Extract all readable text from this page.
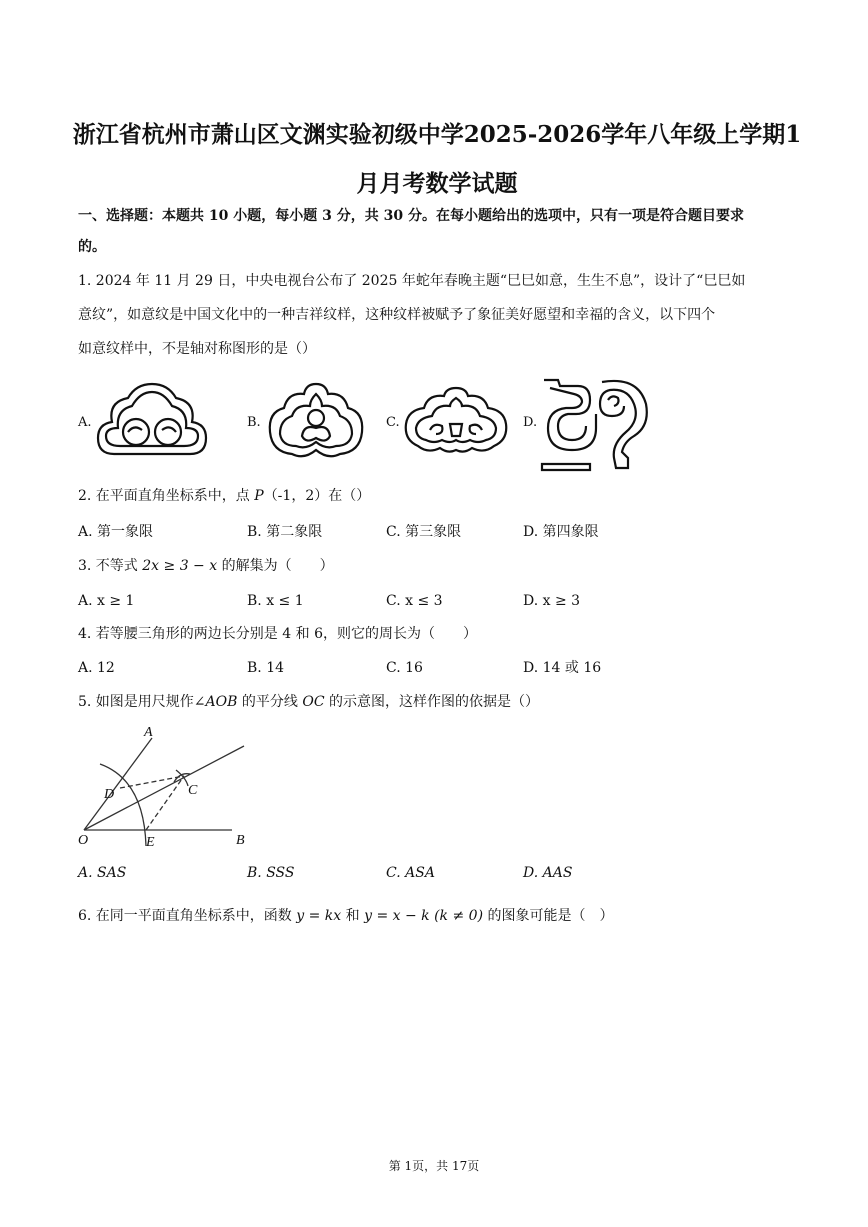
浙江省杭州市萧山区文渊实验初级中学2025-2026学年八年级上学期1月月考数学试题
一、选择题：本题共 10 小题，每小题 3 分，共 30 分。在每小题给出的选项中，只有一项是符合题目要求
的。
1. 2024 年 11 月 29 日，中央电视台公布了 2025 年蛇年春晚主题“巳巳如意，生生不息”，设计了“巳巳如
意纹”，如意纹是中国文化中的一种吉祥纹样，这种纹样被赋予了象征美好愿望和幸福的含义，以下四个
如意纹样中，不是轴对称图形的是（）
A.	B.	C.	D.
2. 在平面直角坐标系中，点 P（-1，2）在（）
A. 第一象限	B. 第二象限	C. 第三象限	D. 第四象限
3. 不等式 2x ≥ 3 − x 的解集为（　　）
A. x ≥ 1	B. x ≤ 1	C. x ≤ 3	D. x ≥ 3
4. 若等腰三角形的两边长分别是 4 和 6，则它的周长为（　　）
A. 12	B. 14	C. 16	D. 14 或 16
5. 如图是用尺规作∠AOB 的平分线 OC 的示意图，这样作图的依据是（）
A
C
D
O	E	B
A. SAS	B. SSS	C. ASA	D. AAS
6. 在同一平面直角坐标系中，函数 y = kx 和 y = x − k (k ≠ 0) 的图象可能是（　）
第 1页，共 17页
